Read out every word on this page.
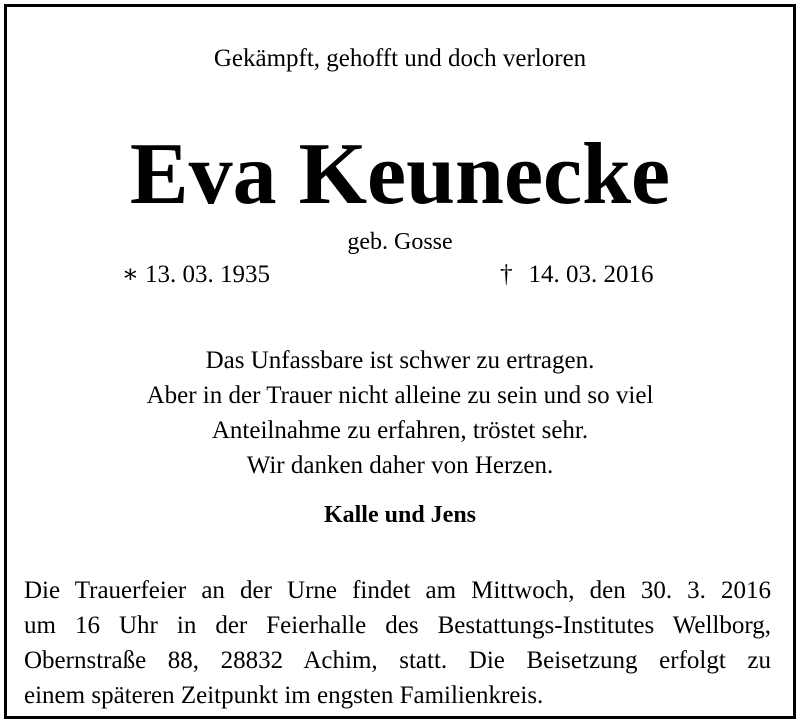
Gekämpft, gehofft und doch verloren
Eva Keunecke
geb. Gosse
∗ 13. 03. 1935	† 14. 03. 2016
Das Unfassbare ist schwer zu ertragen.
Aber in der Trauer nicht alleine zu sein und so viel
Anteilnahme zu erfahren, tröstet sehr.
Wir danken daher von Herzen.
Kalle und Jens
Die Trauerfeier an der Urne findet am Mittwoch, den 30. 3. 2016
um 16 Uhr in der Feierhalle des Bestattungs-Institutes Wellborg,
Obernstraße 88, 28832 Achim, statt. Die Beisetzung erfolgt zu
einem späteren Zeitpunkt im engsten Familienkreis.
